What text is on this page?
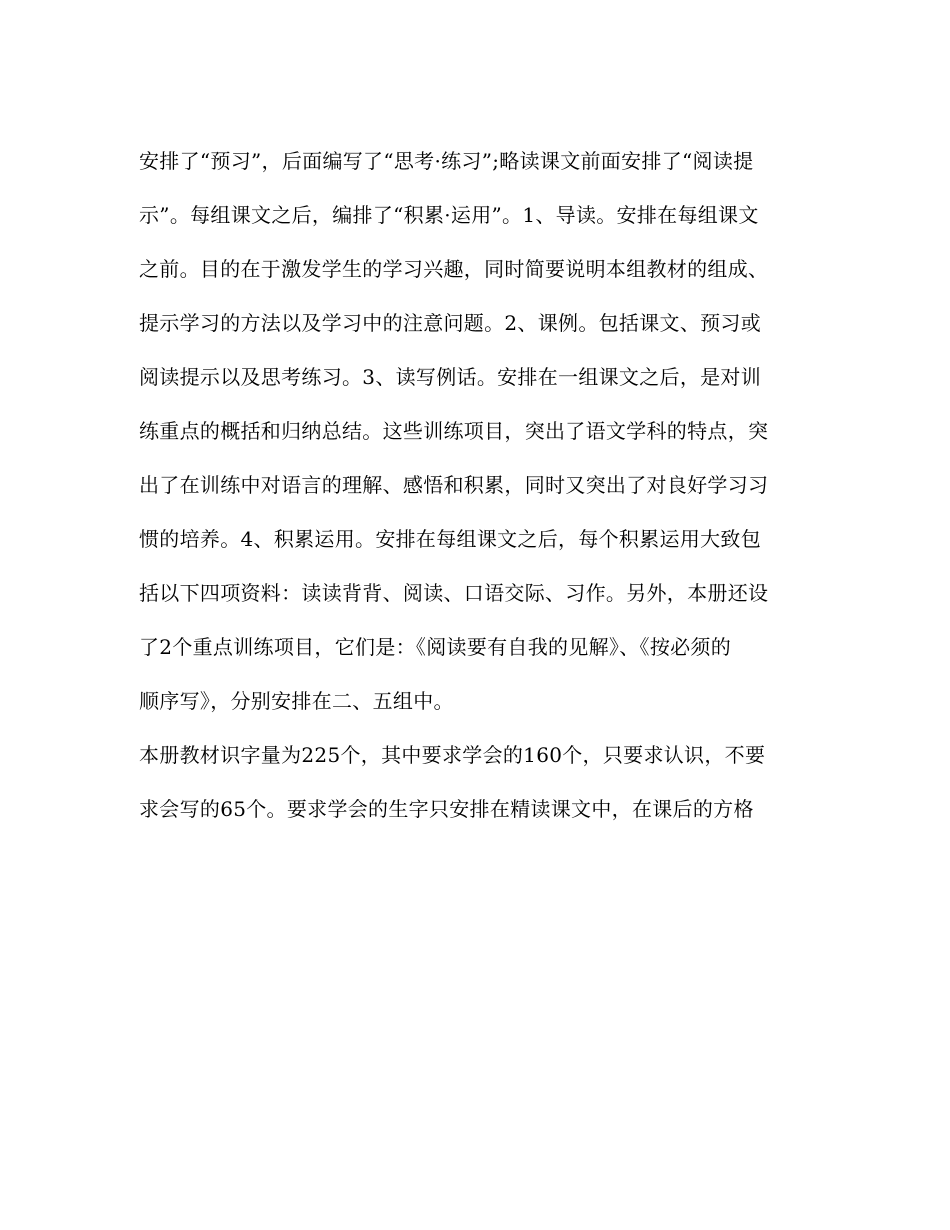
安排了“预习”，后面编写了“思考·练习”;略读课文前面安排了“阅读提
示”。每组课文之后，编排了“积累·运用”。1、导读。安排在每组课文
之前。目的在于激发学生的学习兴趣，同时简要说明本组教材的组成、
提示学习的方法以及学习中的注意问题。2、课例。包括课文、预习或
阅读提示以及思考练习。3、读写例话。安排在一组课文之后，是对训
练重点的概括和归纳总结。这些训练项目，突出了语文学科的特点，突
出了在训练中对语言的理解、感悟和积累，同时又突出了对良好学习习
惯的培养。4、积累运用。安排在每组课文之后，每个积累运用大致包
括以下四项资料：读读背背、阅读、口语交际、习作。另外，本册还设
了2个重点训练项目，它们是：《阅读要有自我的见解》、《按必须的
顺序写》，分别安排在二、五组中。
本册教材识字量为225个，其中要求学会的160个，只要求认识，不要
求会写的65个。要求学会的生字只安排在精读课文中，在课后的方格
